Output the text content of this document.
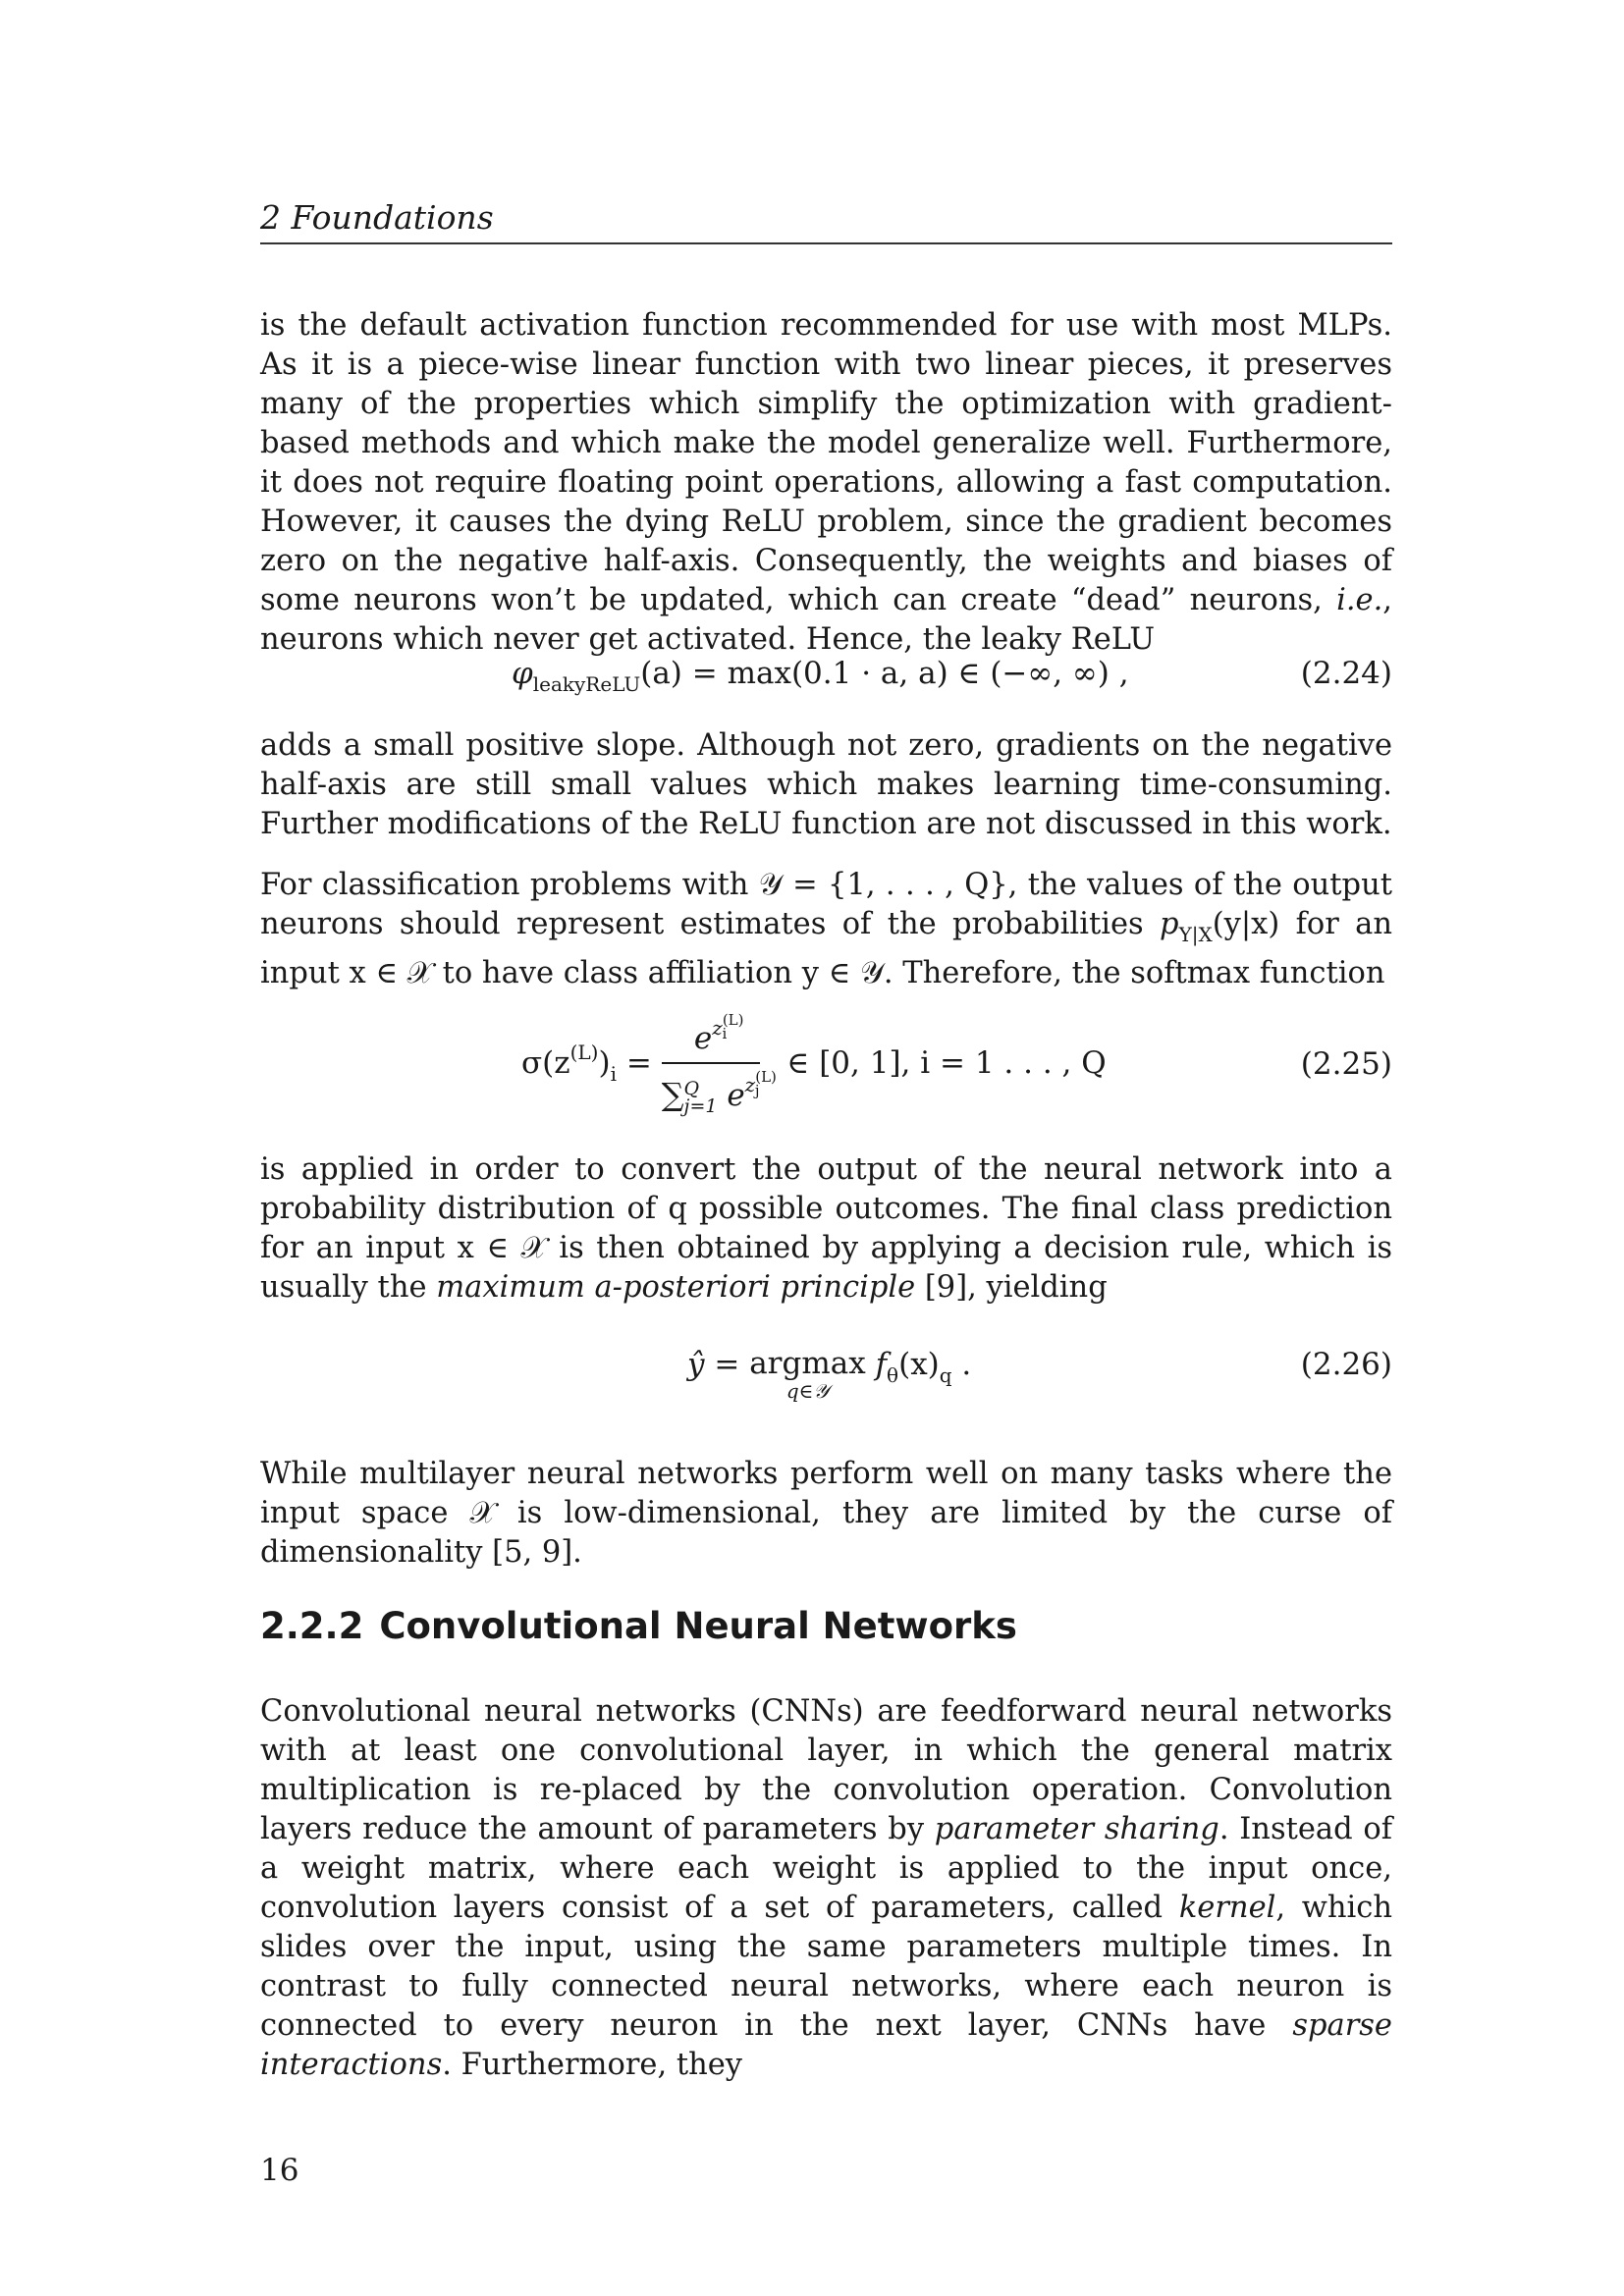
2 Foundations

is the default activation function recommended for use with most MLPs. As it is a piece-wise linear function with two linear pieces, it preserves many of the properties which simplify the optimization with gradient-based methods and which make the model generalize well. Furthermore, it does not require floating point operations, allowing a fast computation. However, it causes the dying ReLU problem, since the gradient becomes zero on the negative half-axis. Consequently, the weights and biases of some neurons won’t be updated, which can create “dead” neurons, i.e., neurons which never get activated. Hence, the leaky ReLU

$\varphi_{leakyReLU}(a) = \max(0.1 \cdot a$, a) ∈ (−∞, ∞) ,	(2.24)

adds a small positive slope. Although not zero, gradients on the negative half-axis are still small values which makes learning time-consuming. Further modifications of the ReLU function are not discussed in this work.

For classification problems with 𝒴 = {1, . . . , Q}, the values of the output neurons should represent estimates of the probabilities $p_{Y|X}(y|x)$ for an input x ∈ 𝒳 to have class affiliation y ∈ 𝒴. Therefore, the softmax function

$\sigma(z^{(L)})_i = e^{z^{(L)}_i}$
∑ Q
j=1 $e^{z^{(L)}_j}$ ∈ [0, 1], i = 1 . . . , Q	(2.25)

is applied in order to convert the output of the neural network into a probability distribution of q possible outcomes. The final class prediction for an input x ∈ 𝒳 is then obtained by applying a decision rule, which is usually the maximum a-posteriori principle [9], yielding

ŷ = argmax
q∈𝒴
$f_\theta(x)_q$ .	(2.26)

While multilayer neural networks perform well on many tasks where the input space 𝒳 is low-dimensional, they are limited by the curse of dimensionality [5, 9].

2.2.2 Convolutional Neural Networks

Convolutional neural networks (CNNs) are feedforward neural networks with at least one convolutional layer, in which the general matrix multiplication is re-placed by the convolution operation. Convolution layers reduce the amount of parameters by parameter sharing. Instead of a weight matrix, where each weight is applied to the input once, convolution layers consist of a set of parameters, called kernel, which slides over the input, using the same parameters multiple times. In contrast to fully connected neural networks, where each neuron is connected to every neuron in the next layer, CNNs have sparse interactions. Furthermore, they

16
